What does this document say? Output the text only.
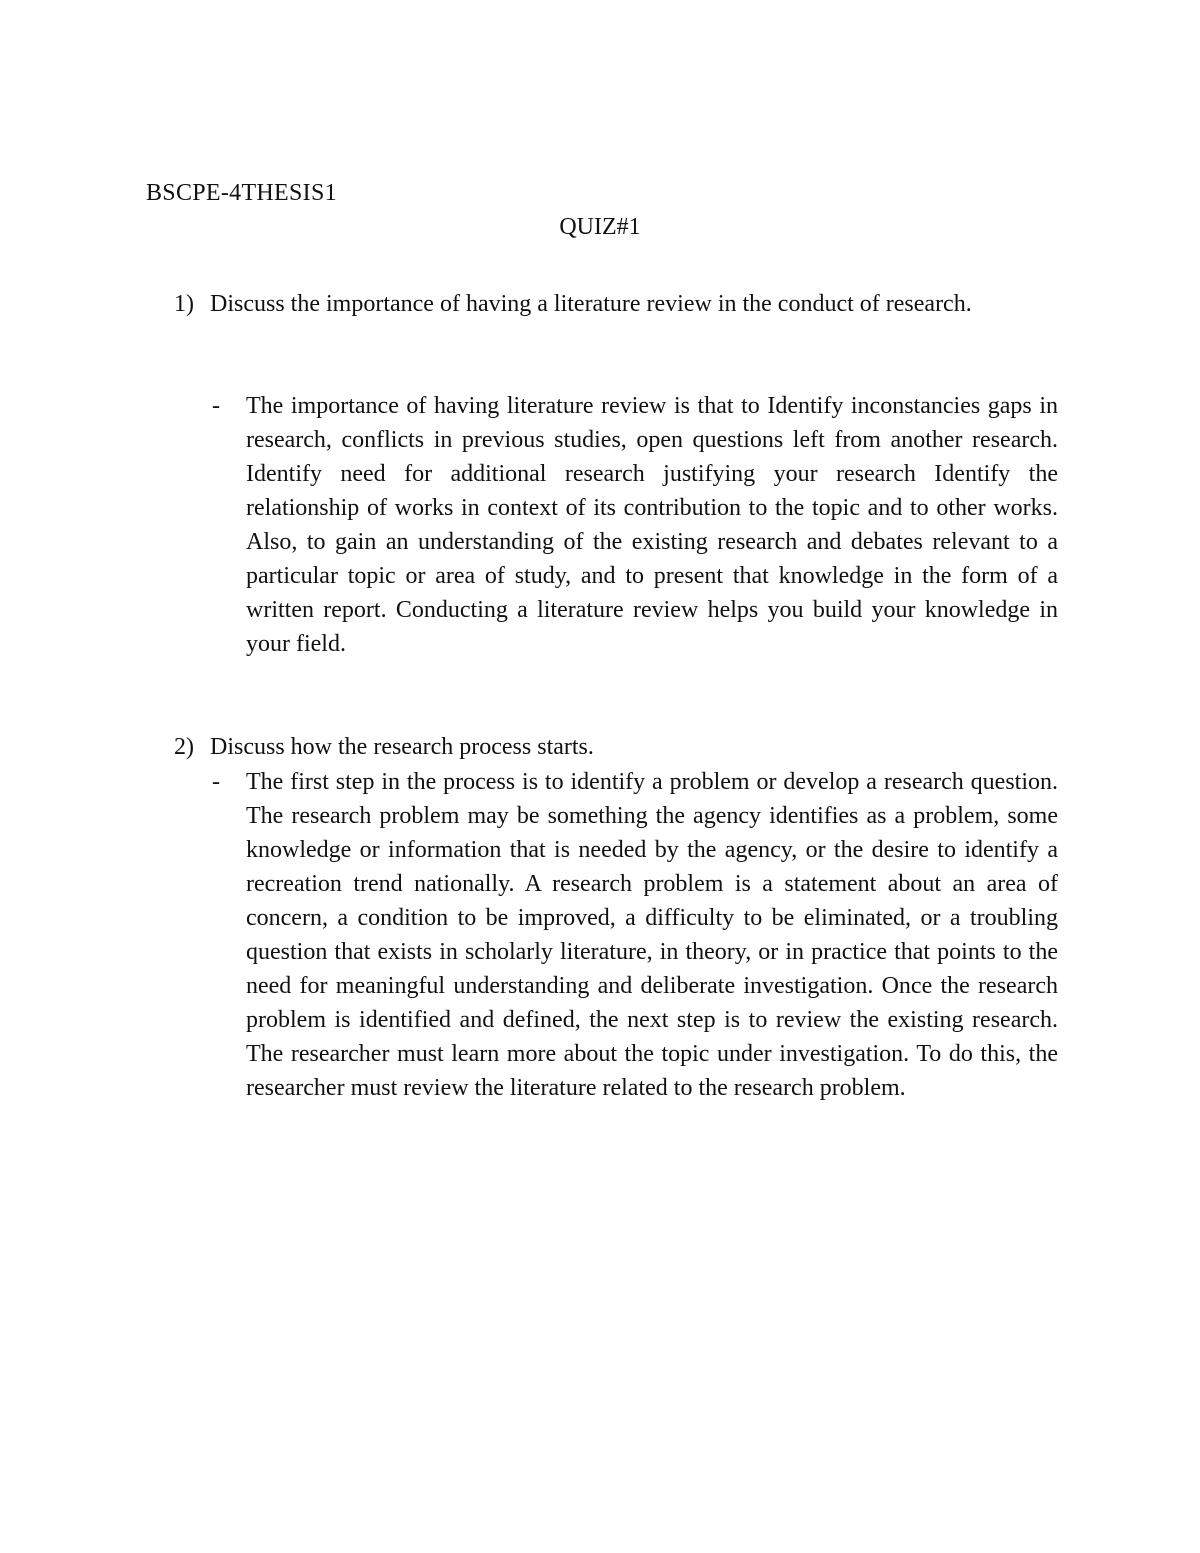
BSCPE-4THESIS1
QUIZ#1
1) Discuss the importance of having a literature review in the conduct of research.
- The importance of having literature review is that to Identify inconstancies gaps in research, conflicts in previous studies, open questions left from another research. Identify need for additional research justifying your research Identify the relationship of works in context of its contribution to the topic and to other works. Also, to gain an understanding of the existing research and debates relevant to a particular topic or area of study, and to present that knowledge in the form of a written report. Conducting a literature review helps you build your knowledge in your field.
2) Discuss how the research process starts.
- The first step in the process is to identify a problem or develop a research question. The research problem may be something the agency identifies as a problem, some knowledge or information that is needed by the agency, or the desire to identify a recreation trend nationally. A research problem is a statement about an area of concern, a condition to be improved, a difficulty to be eliminated, or a troubling question that exists in scholarly literature, in theory, or in practice that points to the need for meaningful understanding and deliberate investigation. Once the research problem is identified and defined, the next step is to review the existing research. The researcher must learn more about the topic under investigation. To do this, the researcher must review the literature related to the research problem.
